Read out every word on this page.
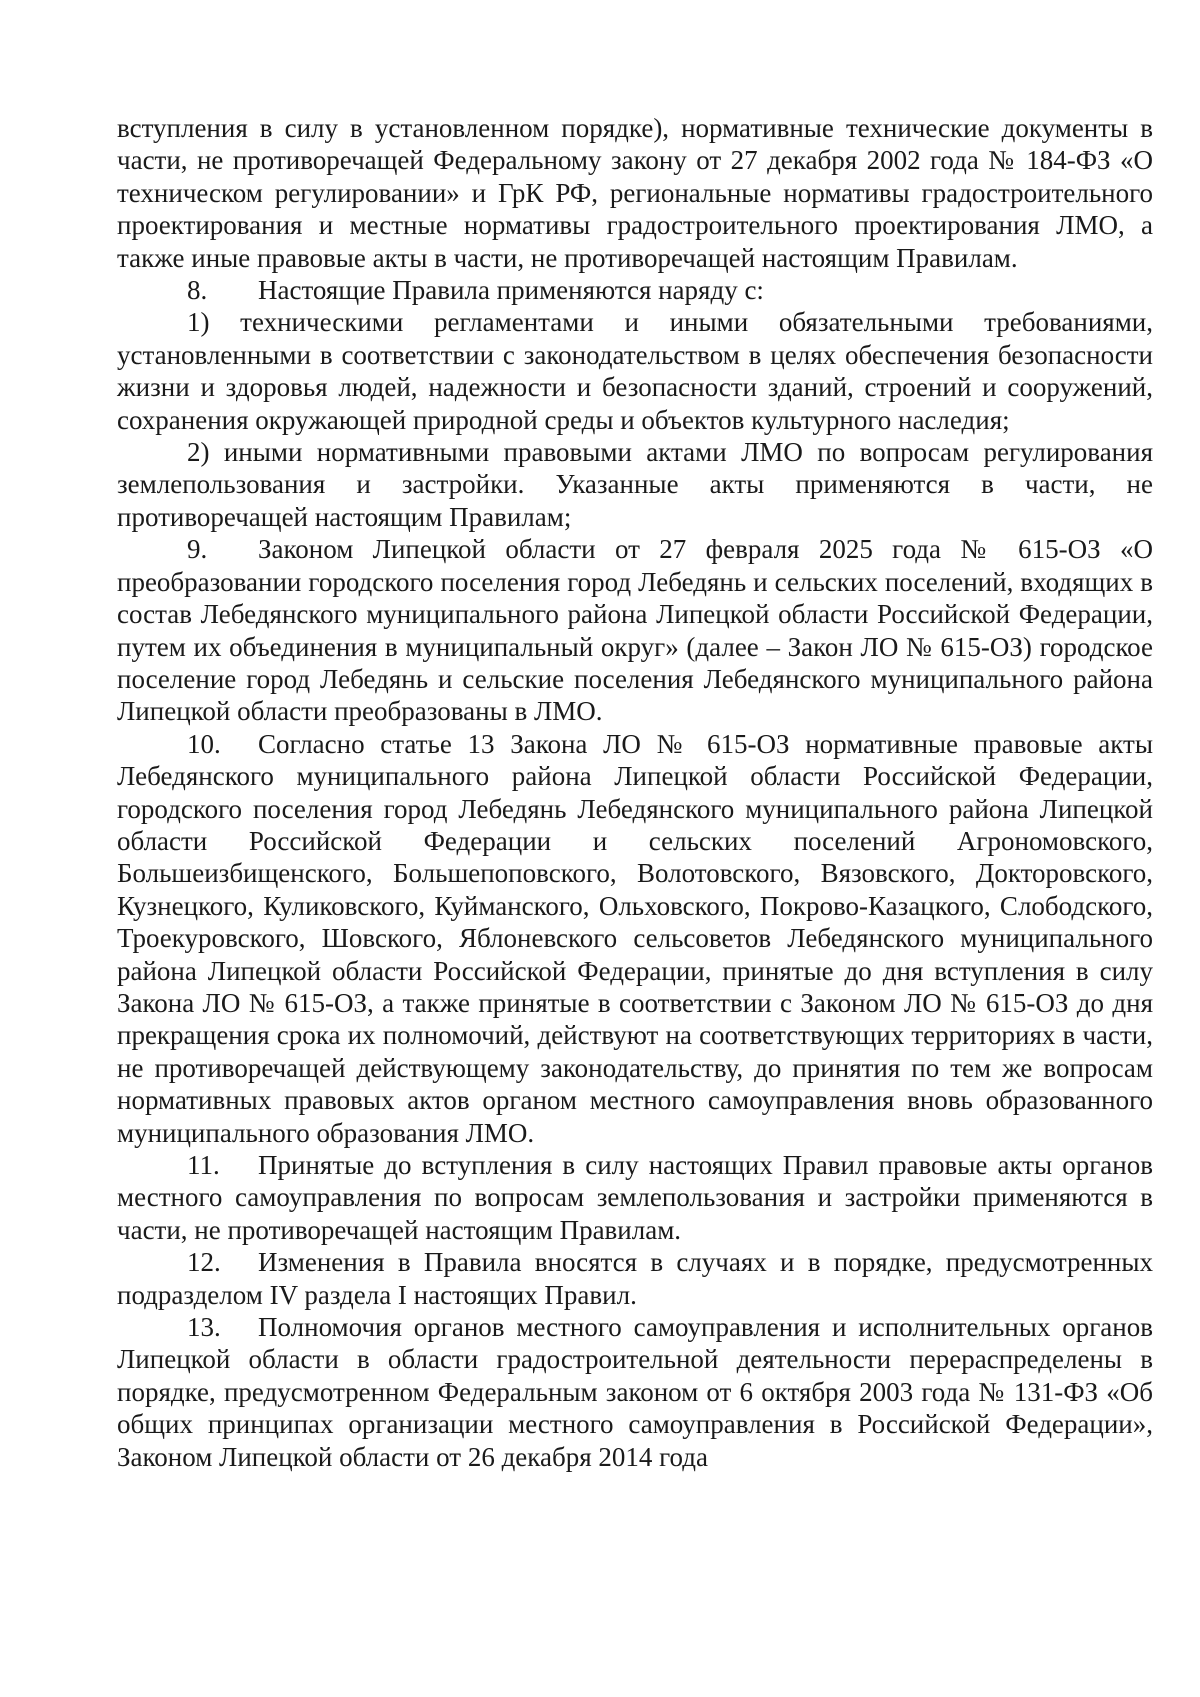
вступления в силу в установленном порядке), нормативные технические документы в части, не противоречащей Федеральному закону от 27 декабря 2002 года № 184-ФЗ «О техническом регулировании» и ГрК РФ, региональные нормативы градостроительного проектирования и местные нормативы градостроительного проектирования ЛМО, а также иные правовые акты в части, не противоречащей настоящим Правилам.

8. Настоящие Правила применяются наряду с:

1) техническими регламентами и иными обязательными требованиями, установленными в соответствии с законодательством в целях обеспечения безопасности жизни и здоровья людей, надежности и безопасности зданий, строений и сооружений, сохранения окружающей природной среды и объектов культурного наследия;

2) иными нормативными правовыми актами ЛМО по вопросам регулирования землепользования и застройки. Указанные акты применяются в части, не противоречащей настоящим Правилам;

9. Законом Липецкой области от 27 февраля 2025 года № 615-ОЗ «О преобразовании городского поселения город Лебедянь и сельских поселений, входящих в состав Лебедянского муниципального района Липецкой области Российской Федерации, путем их объединения в муниципальный округ» (далее – Закон ЛО № 615-ОЗ) городское поселение город Лебедянь и сельские поселения Лебедянского муниципального района Липецкой области преобразованы в ЛМО.

10. Согласно статье 13 Закона ЛО № 615-ОЗ нормативные правовые акты Лебедянского муниципального района Липецкой области Российской Федерации, городского поселения город Лебедянь Лебедянского муниципального района Липецкой области Российской Федерации и сельских поселений Агрономовского, Большеизбищенского, Большепоповского, Волотовского, Вязовского, Докторовского, Кузнецкого, Куликовского, Куйманского, Ольховского, Покрово-Казацкого, Слободского, Троекуровского, Шовского, Яблоневского сельсоветов Лебедянского муниципального района Липецкой области Российской Федерации, принятые до дня вступления в силу Закона ЛО № 615-ОЗ, а также принятые в соответствии с Законом ЛО № 615-ОЗ до дня прекращения срока их полномочий, действуют на соответствующих территориях в части, не противоречащей действующему законодательству, до принятия по тем же вопросам нормативных правовых актов органом местного самоуправления вновь образованного муниципального образования ЛМО.

11. Принятые до вступления в силу настоящих Правил правовые акты органов местного самоуправления по вопросам землепользования и застройки применяются в части, не противоречащей настоящим Правилам.

12. Изменения в Правила вносятся в случаях и в порядке, предусмотренных подразделом IV раздела I настоящих Правил.

13. Полномочия органов местного самоуправления и исполнительных органов Липецкой области в области градостроительной деятельности перераспределены в порядке, предусмотренном Федеральным законом от 6 октября 2003 года № 131-ФЗ «Об общих принципах организации местного самоуправления в Российской Федерации», Законом Липецкой области от 26 декабря 2014 года
